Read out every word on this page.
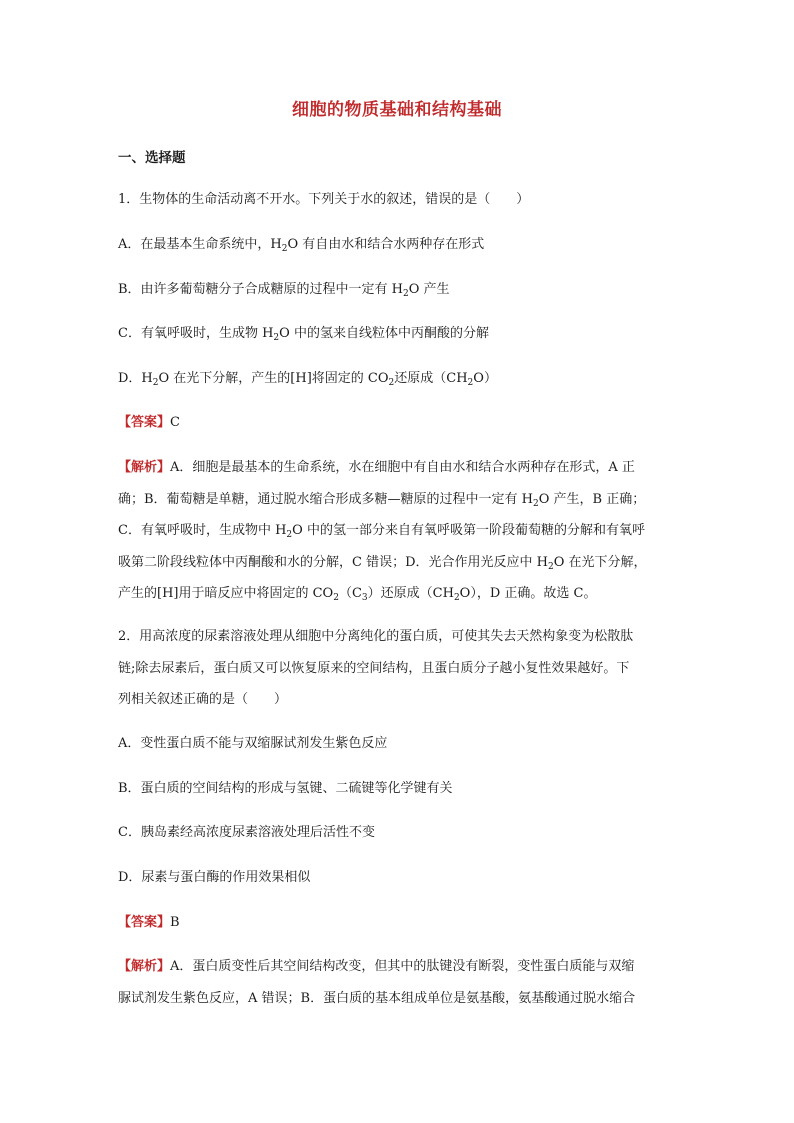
细胞的物质基础和结构基础
一、选择题
1．生物体的生命活动离不开水。下列关于水的叙述，错误的是（　　）
A．在最基本生命系统中，$H_2O$ 有自由水和结合水两种存在形式
B．由许多葡萄糖分子合成糖原的过程中一定有 $H_2O$ 产生
C．有氧呼吸时，生成物 $H_2O$ 中的氢来自线粒体中丙酮酸的分解
D．$H_2O$ 在光下分解，产生的[H]将固定的 $CO_2$还原成$(CH_2O)$
【答案】C
【解析】A．细胞是最基本的生命系统，水在细胞中有自由水和结合水两种存在形式，A 正
确；B．葡萄糖是单糖，通过脱水缩合形成多糖—糖原的过程中一定有 $H_2O$ 产生，B 正确；
C．有氧呼吸时，生成物中 $H_2O$ 中的氢一部分来自有氧呼吸第一阶段葡萄糖的分解和有氧呼
吸第二阶段线粒体中丙酮酸和水的分解，C 错误；D．光合作用光反应中 $H_2O$ 在光下分解，
产生的[H]用于暗反应中将固定的 $CO_2(C_3)$还原成$(CH_2O)$，D 正确。故选 C。
2．用高浓度的尿素溶液处理从细胞中分离纯化的蛋白质，可使其失去天然构象变为松散肽
链;除去尿素后，蛋白质又可以恢复原来的空间结构，且蛋白质分子越小复性效果越好。下
列相关叙述正确的是（　　）
A．变性蛋白质不能与双缩脲试剂发生紫色反应
B．蛋白质的空间结构的形成与氢键、二硫键等化学键有关
C．胰岛素经高浓度尿素溶液处理后活性不变
D．尿素与蛋白酶的作用效果相似
【答案】B
【解析】A．蛋白质变性后其空间结构改变，但其中的肽键没有断裂，变性蛋白质能与双缩
脲试剂发生紫色反应，A 错误；B．蛋白质的基本组成单位是氨基酸，氨基酸通过脱水缩合
